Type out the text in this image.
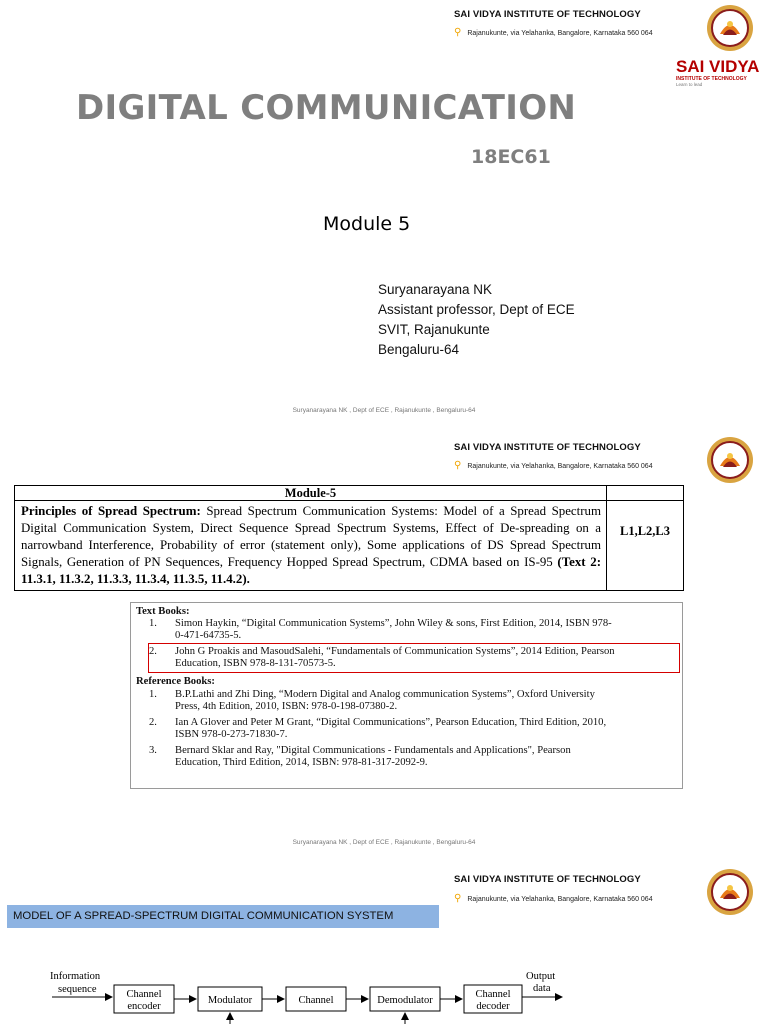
SAI VIDYA INSTITUTE OF TECHNOLOGY
⚲ Rajanukunte, via Yelahanka, Bangalore, Karnataka 560 064
SAI VIDYA
INSTITUTE OF TECHNOLOGY
Learn to lead
DIGITAL COMMUNICATION
18EC61
Module 5
Suryanarayana NK
Assistant professor, Dept of ECE
SVIT, Rajanukunte
Bengaluru-64
Suryanarayana NK , Dept of ECE , Rajanukunte , Bengaluru-64
SAI VIDYA INSTITUTE OF TECHNOLOGY
⚲ Rajanukunte, via Yelahanka, Bangalore, Karnataka 560 064
Module-5
Principles of Spread Spectrum: Spread Spectrum Communication Systems: Model of a Spread Spectrum Digital Communication System, Direct Sequence Spread Spectrum Systems, Effect of De-spreading on a narrowband Interference, Probability of error (statement only), Some applications of DS Spread Spectrum Signals, Generation of PN Sequences, Frequency Hopped Spread Spectrum, CDMA based on IS-95 (Text 2: 11.3.1, 11.3.2, 11.3.3, 11.3.4, 11.3.5, 11.4.2).
L1,L2,L3
Text Books:
1. Simon Haykin, “Digital Communication Systems”, John Wiley & sons, First Edition, 2014, ISBN 978-
0-471-64735-5.
2. John G Proakis and MasoudSalehi, “Fundamentals of Communication Systems”, 2014 Edition, Pearson
Education, ISBN 978-8-131-70573-5.
Reference Books:
1. B.P.Lathi and Zhi Ding, “Modern Digital and Analog communication Systems”, Oxford University
Press, 4th Edition, 2010, ISBN: 978-0-198-07380-2.
2. Ian A Glover and Peter M Grant, “Digital Communications”, Pearson Education, Third Edition, 2010,
ISBN 978-0-273-71830-7.
3. Bernard Sklar and Ray, "Digital Communications - Fundamentals and Applications", Pearson
Education, Third Edition, 2014, ISBN: 978-81-317-2092-9.
Suryanarayana NK , Dept of ECE , Rajanukunte , Bengaluru-64
SAI VIDYA INSTITUTE OF TECHNOLOGY
⚲ Rajanukunte, via Yelahanka, Bangalore, Karnataka 560 064
MODEL OF A SPREAD-SPECTRUM DIGITAL COMMUNICATION SYSTEM
Information
sequence	Channel
encoder
Modulator	Channel	Demodulator
Channel
decoder
Output
data
